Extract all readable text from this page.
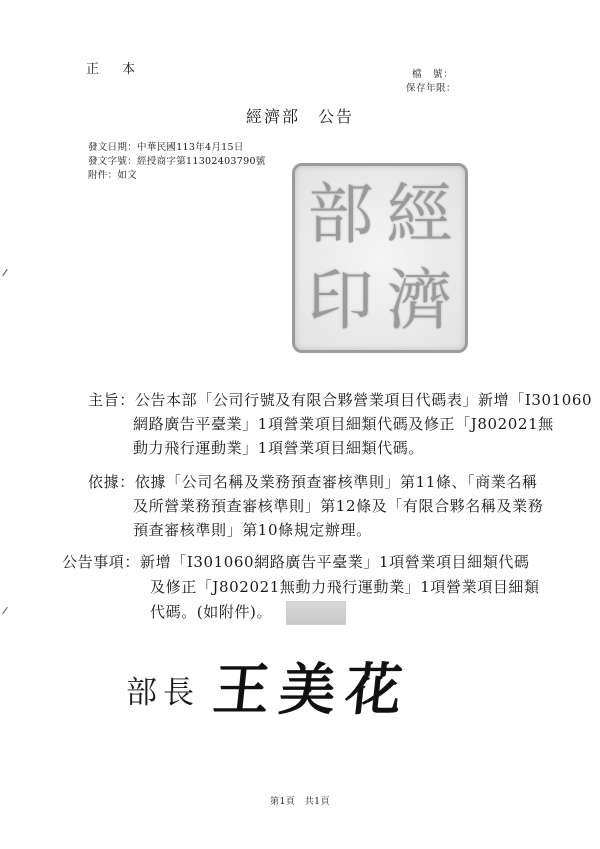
正　本	檔　號：
保存年限：
經濟部　公告
發文日期：中華民國113年4月15日
發文字號：經授商字第11302403790號
附件：如文
部 經
印 濟
主旨：公告本部「公司行號及有限合夥營業項目代碼表」新增「I301060
網路廣告平臺業」1項營業項目細類代碼及修正「J802021無
動力飛行運動業」1項營業項目細類代碼。
依據：依據「公司名稱及業務預查審核準則」第11條、「商業名稱
及所營業務預查審核準則」第12條及「有限合夥名稱及業務
預查審核準則」第10條規定辦理。
公告事項：新增「I301060網路廣告平臺業」1項營業項目細類代碼
及修正「J802021無動力飛行運動業」1項營業項目細類
代碼。(如附件)。
部長 王美花
第1頁　共1頁
